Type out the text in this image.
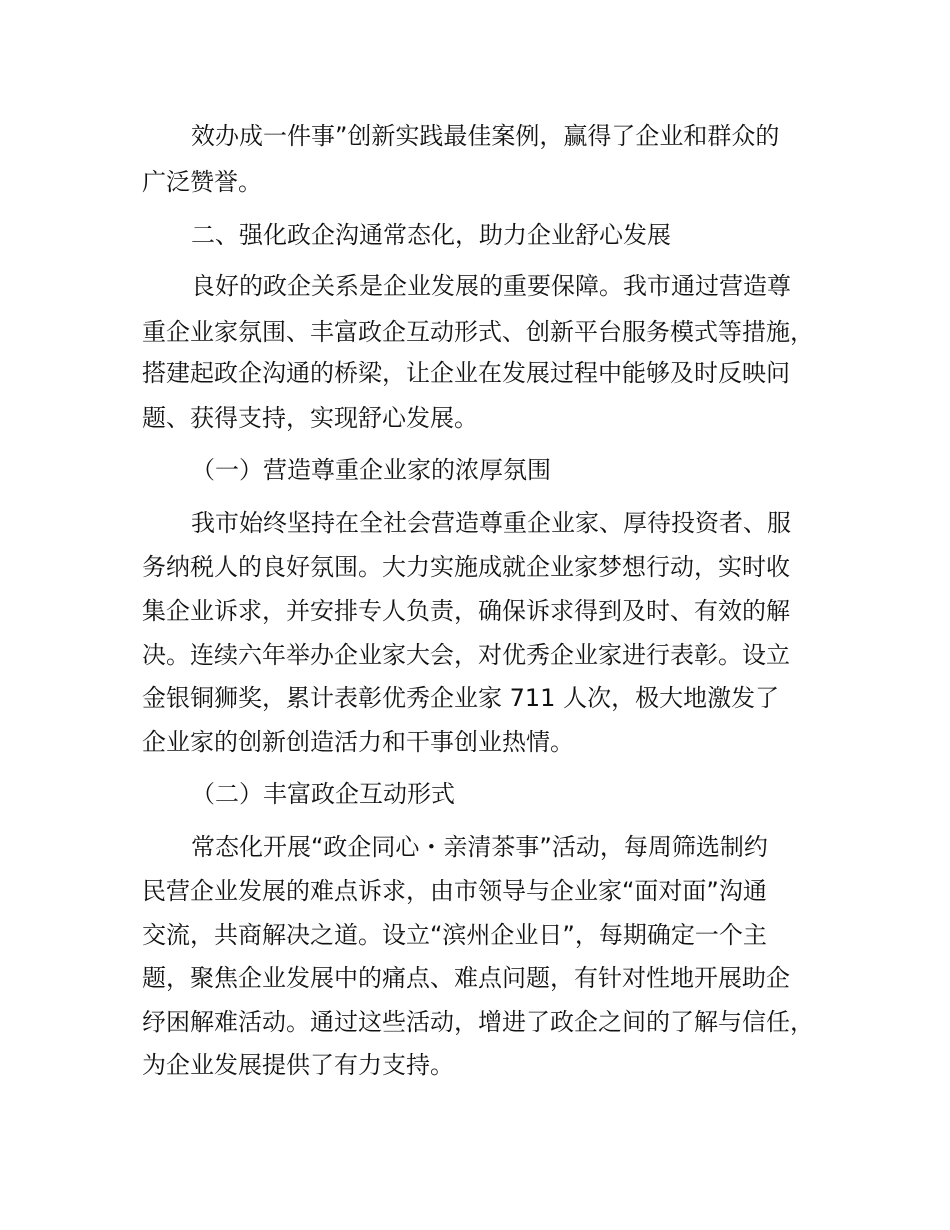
效办成一件事”创新实践最佳案例，赢得了企业和群众的

广泛赞誉。

二、强化政企沟通常态化，助力企业舒心发展

良好的政企关系是企业发展的重要保障。我市通过营造尊

重企业家氛围、丰富政企互动形式、创新平台服务模式等措施，

搭建起政企沟通的桥梁，让企业在发展过程中能够及时反映问

题、获得支持，实现舒心发展。

（一）营造尊重企业家的浓厚氛围

我市始终坚持在全社会营造尊重企业家、厚待投资者、服

务纳税人的良好氛围。大力实施成就企业家梦想行动，实时收

集企业诉求，并安排专人负责，确保诉求得到及时、有效的解

决。连续六年举办企业家大会，对优秀企业家进行表彰。设立

金银铜狮奖，累计表彰优秀企业家 711 人次，极大地激发了

企业家的创新创造活力和干事创业热情。

（二）丰富政企互动形式

常态化开展“政企同心・亲清茶事”活动，每周筛选制约

民营企业发展的难点诉求，由市领导与企业家“面对面”沟通

交流，共商解决之道。设立“滨州企业日”，每期确定一个主

题，聚焦企业发展中的痛点、难点问题，有针对性地开展助企

纾困解难活动。通过这些活动，增进了政企之间的了解与信任，

为企业发展提供了有力支持。
